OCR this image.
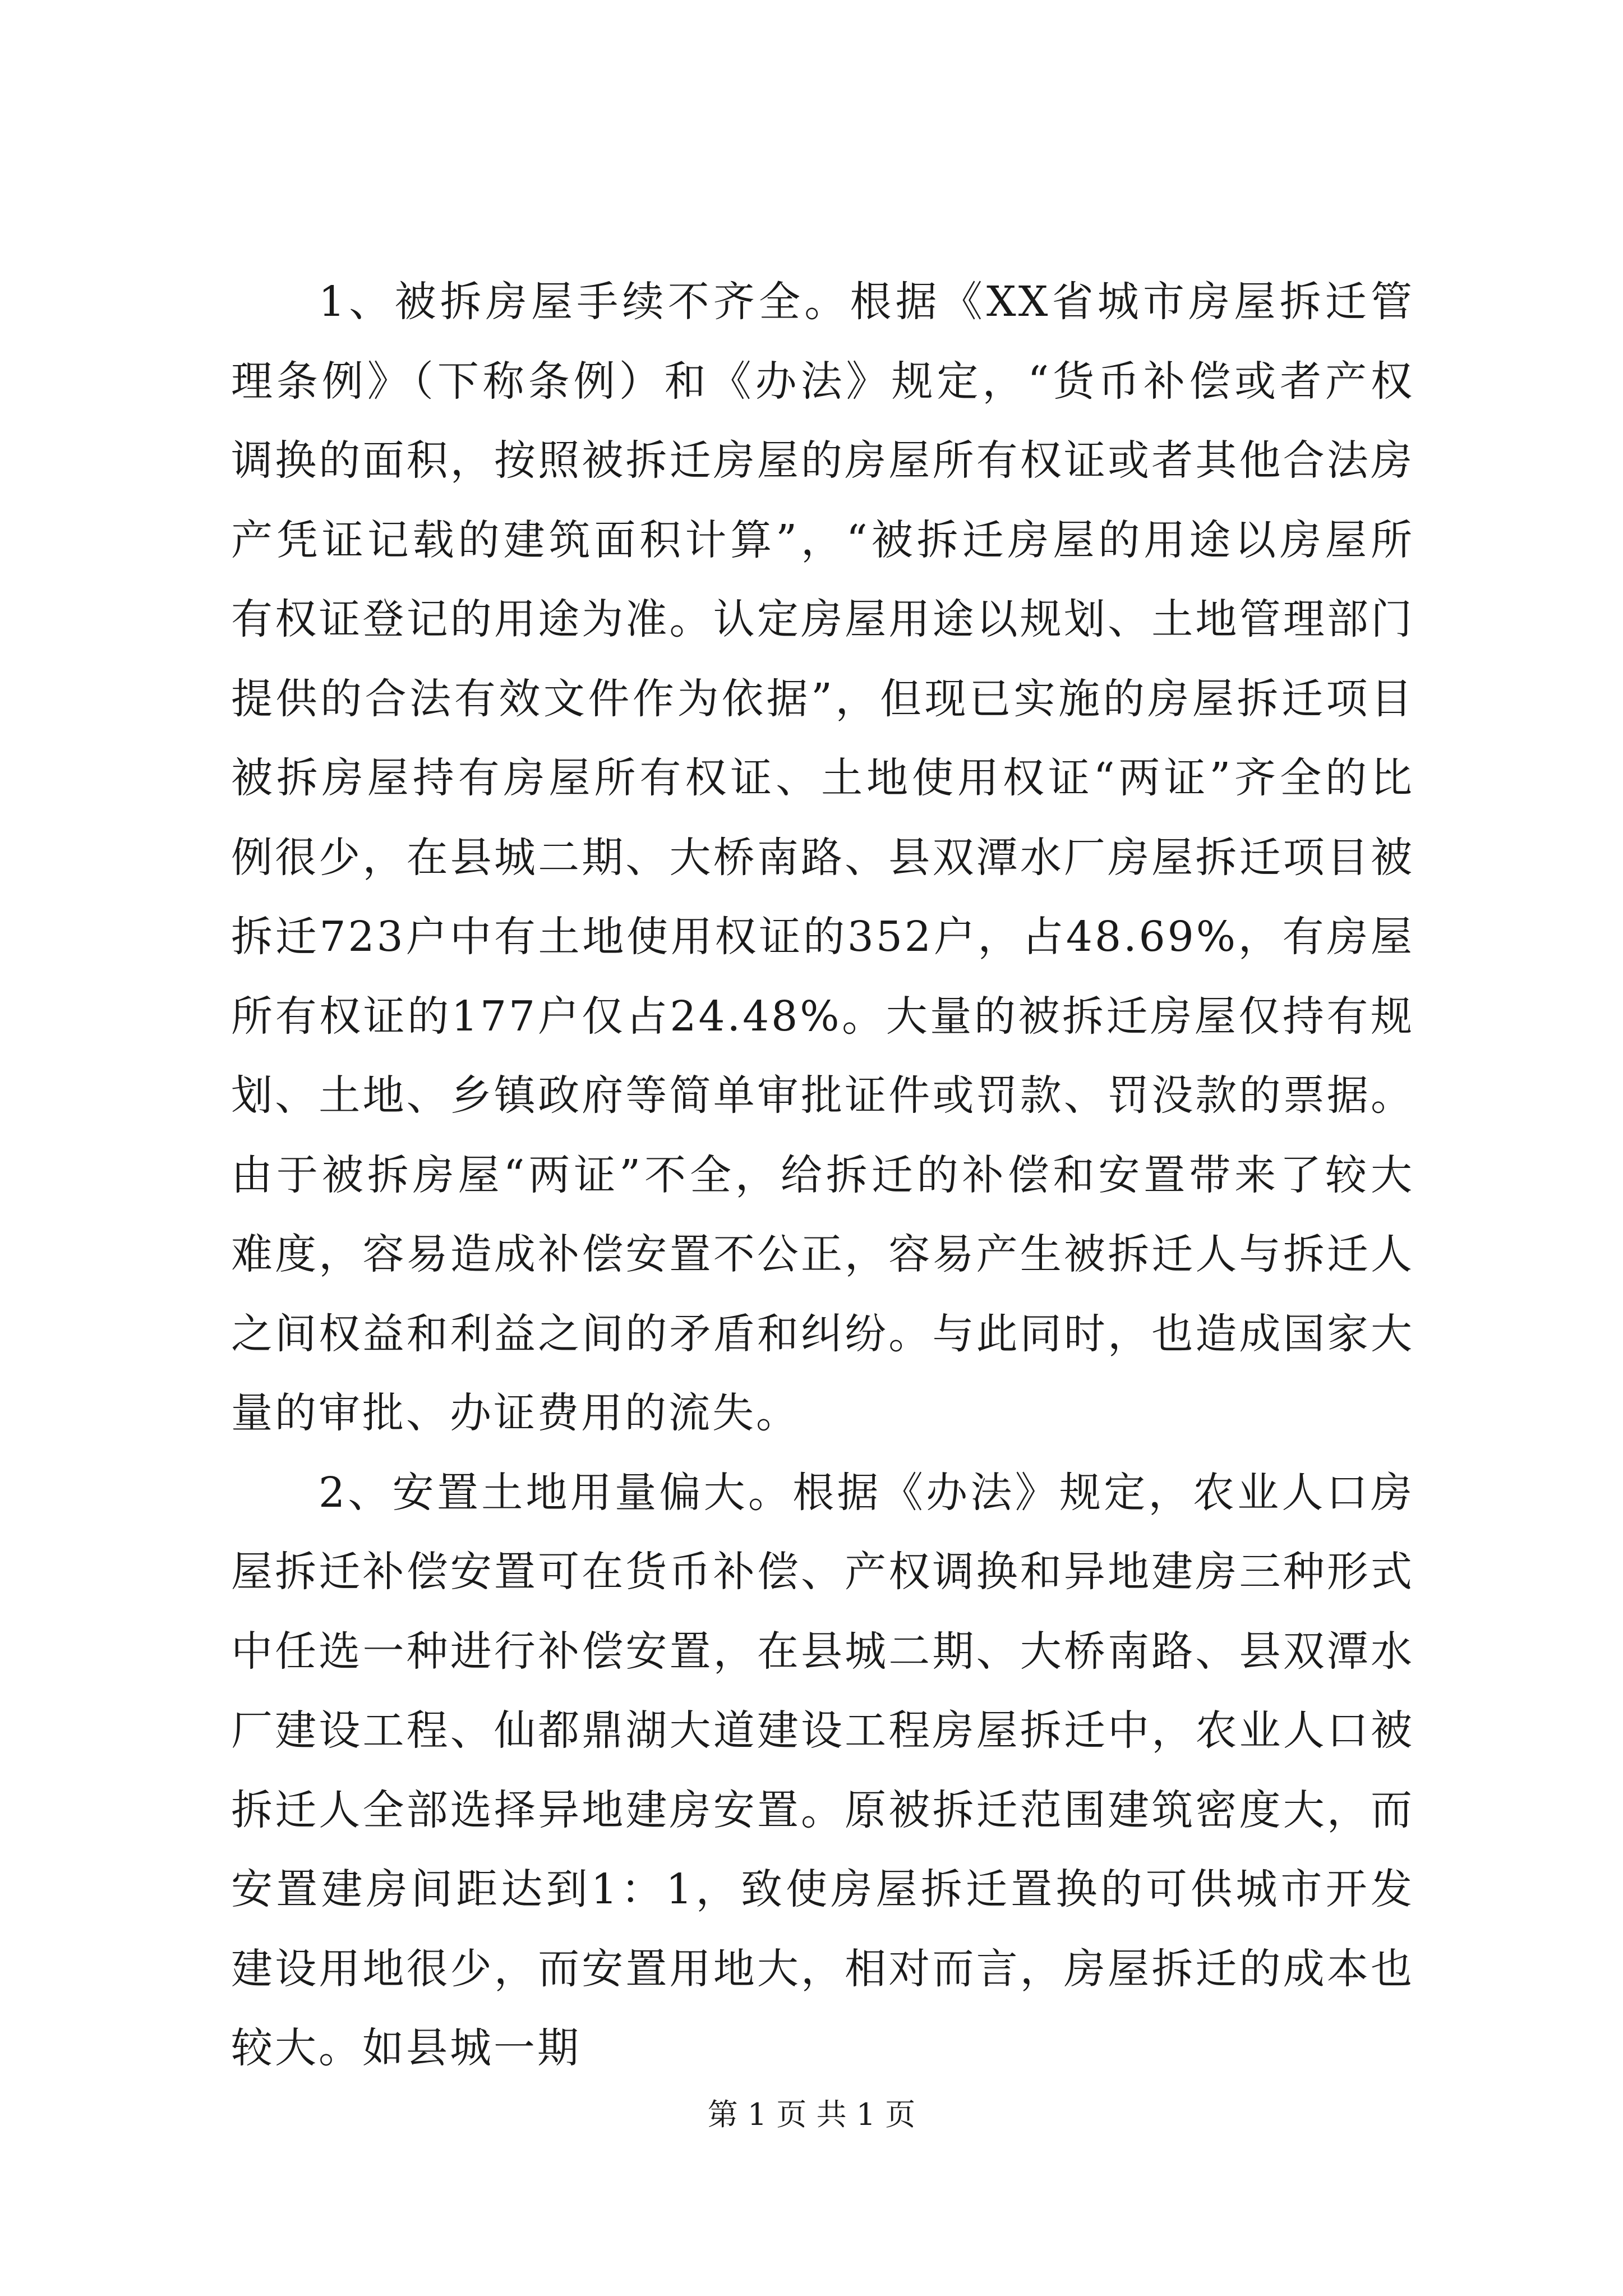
1、被拆房屋手续不齐全。根据《XX省城市房屋拆迁管理条例》（下称条例）和《办法》规定，“货币补偿或者产权调换的面积，按照被拆迁房屋的房屋所有权证或者其他合法房产凭证记载的建筑面积计算”，“被拆迁房屋的用途以房屋所有权证登记的用途为准。认定房屋用途以规划、土地管理部门提供的合法有效文件作为依据”，但现已实施的房屋拆迁项目被拆房屋持有房屋所有权证、土地使用权证“两证”齐全的比例很少，在县城二期、大桥南路、县双潭水厂房屋拆迁项目被拆迁723户中有土地使用权证的352户，占48.69%，有房屋所有权证的177户仅占24.48%。大量的被拆迁房屋仅持有规划、土地、乡镇政府等简单审批证件或罚款、罚没款的票据。由于被拆房屋“两证”不全，给拆迁的补偿和安置带来了较大难度，容易造成补偿安置不公正，容易产生被拆迁人与拆迁人之间权益和利益之间的矛盾和纠纷。与此同时，也造成国家大量的审批、办证费用的流失。

2、安置土地用量偏大。根据《办法》规定，农业人口房屋拆迁补偿安置可在货币补偿、产权调换和异地建房三种形式中任选一种进行补偿安置，在县城二期、大桥南路、县双潭水厂建设工程、仙都鼎湖大道建设工程房屋拆迁中，农业人口被拆迁人全部选择异地建房安置。原被拆迁范围建筑密度大，而安置建房间距达到1：1，致使房屋拆迁置换的可供城市开发建设用地很少，而安置用地大，相对而言，房屋拆迁的成本也较大。如县城一期

第 1 页 共 1 页
